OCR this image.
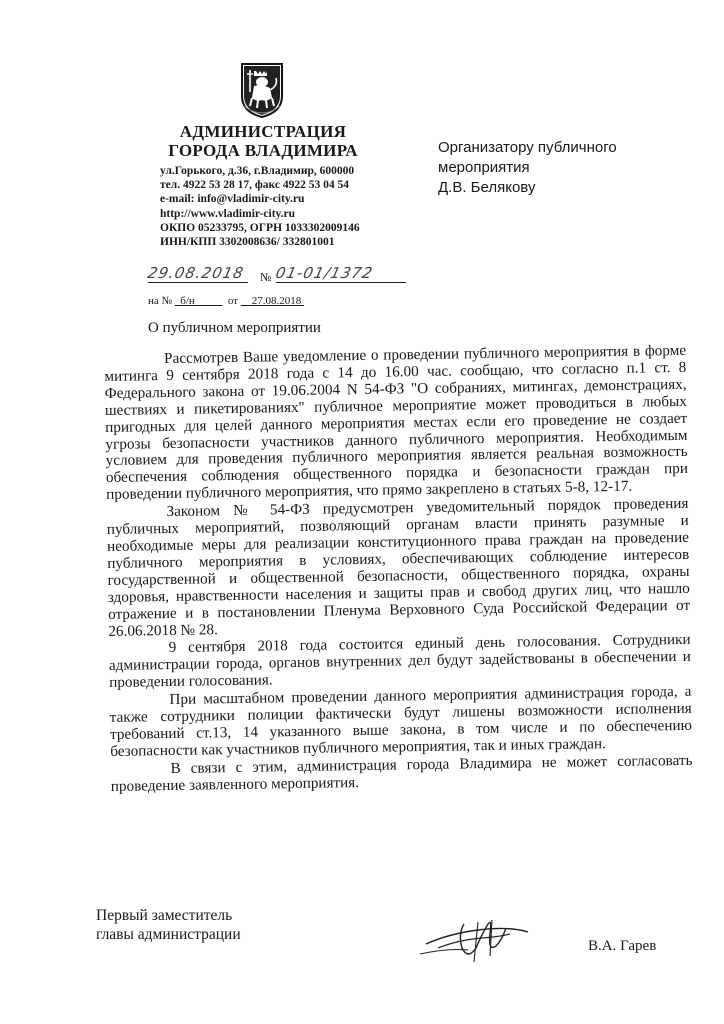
АДМИНИСТРАЦИЯ
ГОРОДА ВЛАДИМИРА
ул.Горького, д.36, г.Владимир, 600000
тел. 4922 53 28 17, факс 4922 53 04 54
e-mail: info@vladimir-city.ru
http://www.vladimir-city.ru
ОКПО 05233795, ОГРН 1033302009146
ИНН/КПП 3302008636/ 332801001
Организатору публичного
мероприятия
Д.В. Белякову
29.08.2018 № 01-01/1372
на № б/н	от 27.08.2018
О публичном мероприятии

Рассмотрев Ваше уведомление о проведении публичного мероприятия в форме митинга 9 сентября 2018 года с 14 до 16.00 час. сообщаю, что согласно п.1 ст. 8 Федерального закона от 19.06.2004 N 54-ФЗ "О собраниях, митингах, демонстрациях, шествиях и пикетированиях" публичное мероприятие может проводиться в любых пригодных для целей данного мероприятия местах если его проведение не создает угрозы безопасности участников данного публичного мероприятия. Необходимым условием для проведения публичного мероприятия является реальная возможность обеспечения соблюдения общественного порядка и безопасности граждан при проведении публичного мероприятия, что прямо закреплено в статьях 5-8, 12-17.

Законом № 54-ФЗ предусмотрен уведомительный порядок проведения публичных мероприятий, позволяющий органам власти принять разумные и необходимые меры для реализации конституционного права граждан на проведение публичного мероприятия в условиях, обеспечивающих соблюдение интересов государственной и общественной безопасности, общественного порядка, охраны здоровья, нравственности населения и защиты прав и свобод других лиц, что нашло отражение и в постановлении Пленума Верховного Суда Российской Федерации от 26.06.2018 № 28.

9 сентября 2018 года состоится единый день голосования. Сотрудники администрации города, органов внутренних дел будут задействованы в обеспечении и проведении голосования.

При масштабном проведении данного мероприятия администрация города, а также сотрудники полиции фактически будут лишены возможности исполнения требований ст.13, 14 указанного выше закона, в том числе и по обеспечению безопасности как участников публичного мероприятия, так и иных граждан.

В связи с этим, администрация города Владимира не может согласовать проведение заявленного мероприятия.

Первый заместитель
главы администрации
В.А. Гарев
